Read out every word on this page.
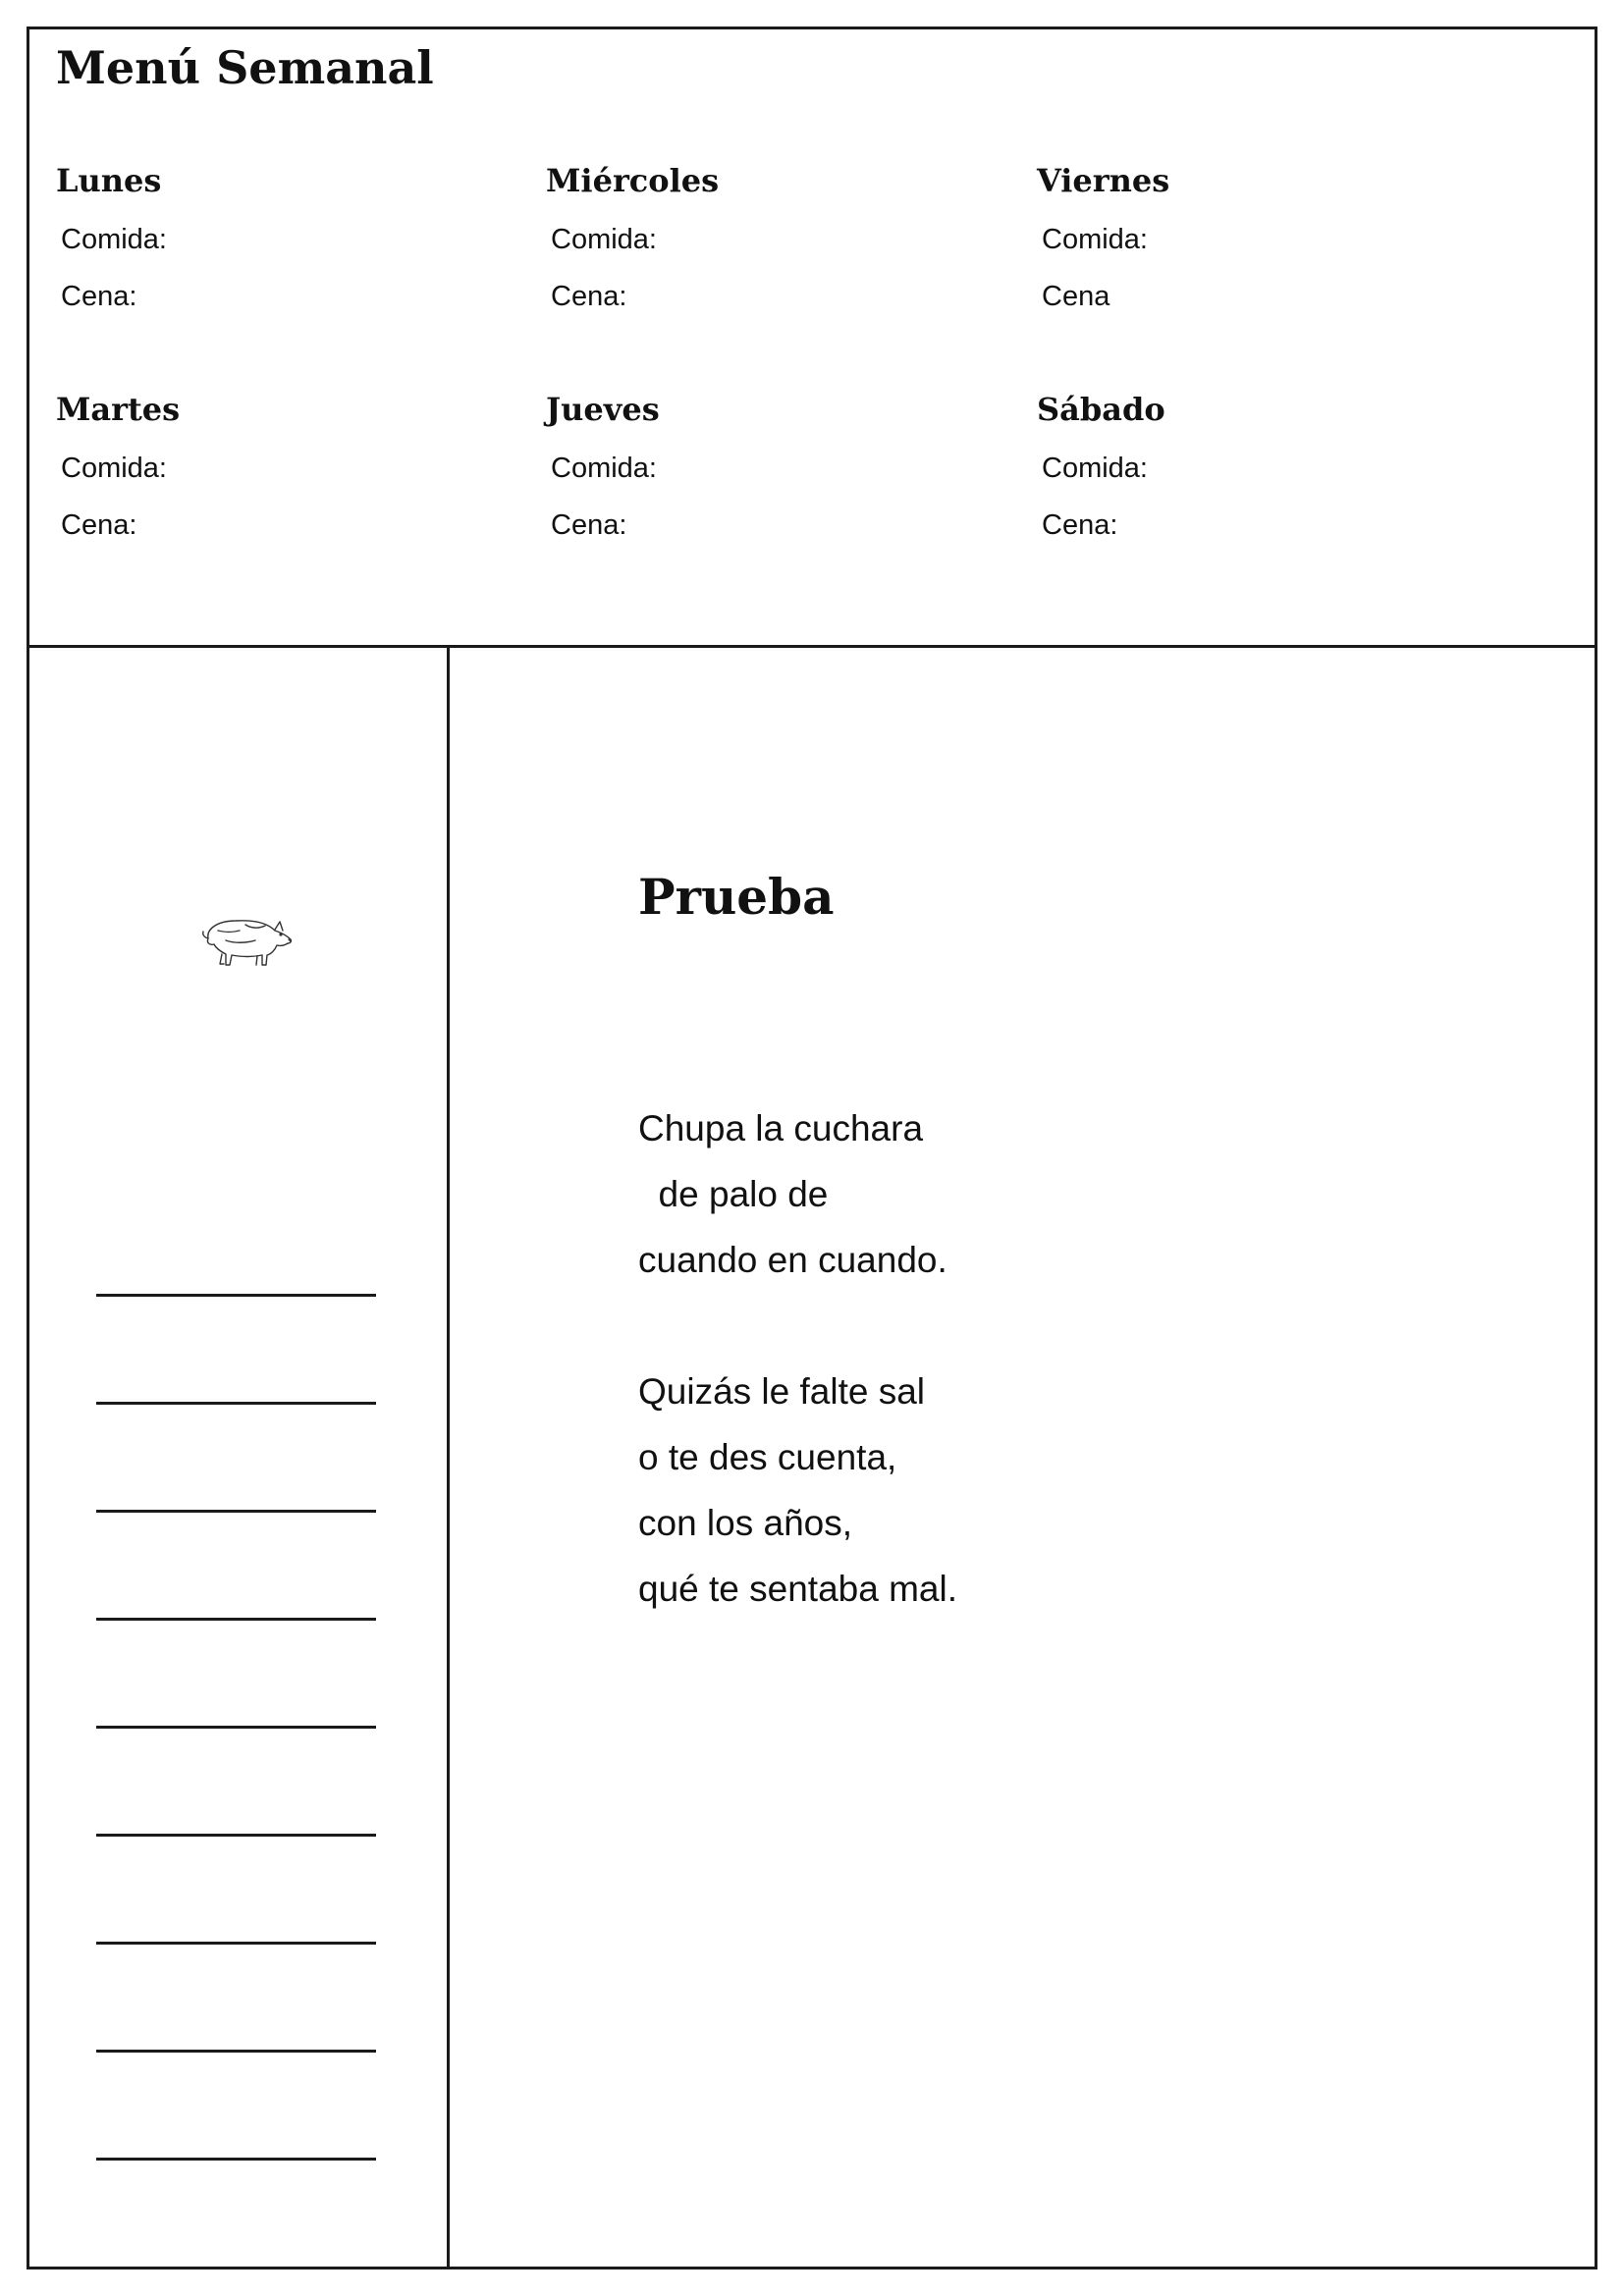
Menú Semanal
Lunes
Comida:
Cena:
Miércoles
Comida:
Cena:
Viernes
Comida:
Cena
Martes
Comida:
Cena:
Jueves
Comida:
Cena:
Sábado
Comida:
Cena:
Prueba
Chupa la cuchara
de palo de
cuando en cuando.
Quizás le falte sal
o te des cuenta,
con los años,
qué te sentaba mal.
